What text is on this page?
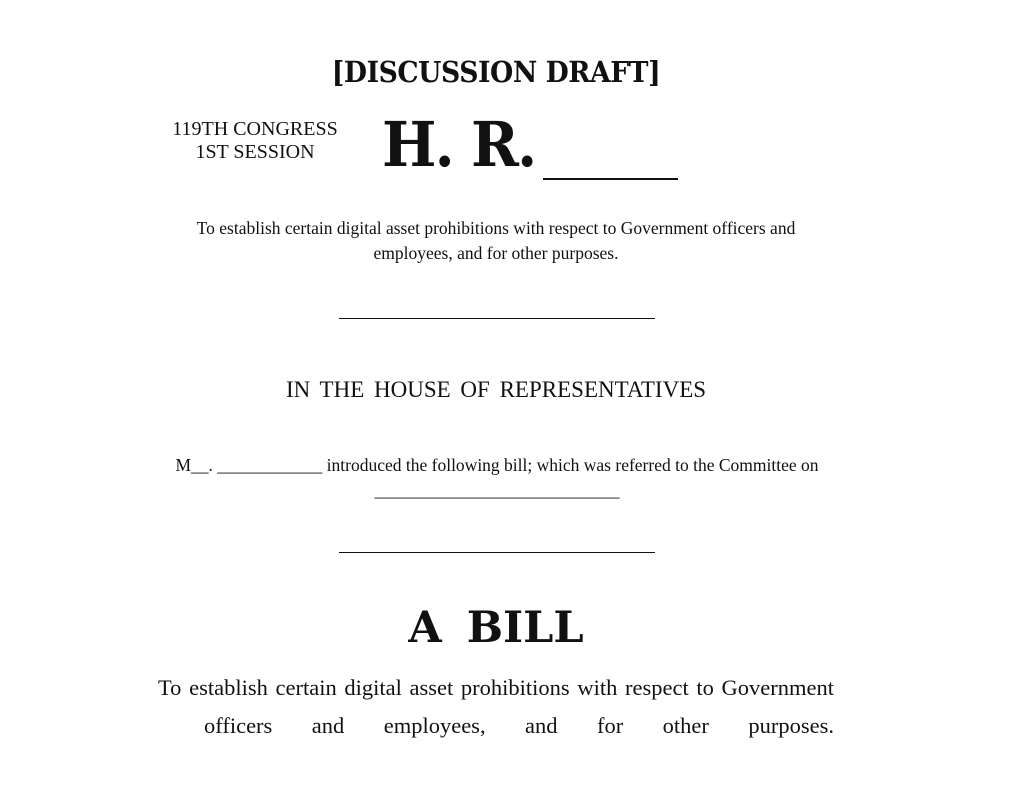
[DISCUSSION DRAFT]
119TH CONGRESS
1ST SESSION	H. R.
To establish certain digital asset prohibitions with respect to Government officers and employees, and for other purposes.
IN THE HOUSE OF REPRESENTATIVES
M__. ____________ introduced the following bill; which was referred to the Committee on ____________________________
A BILL
To establish certain digital asset prohibitions with respect to Government officers and employees, and for other purposes.
